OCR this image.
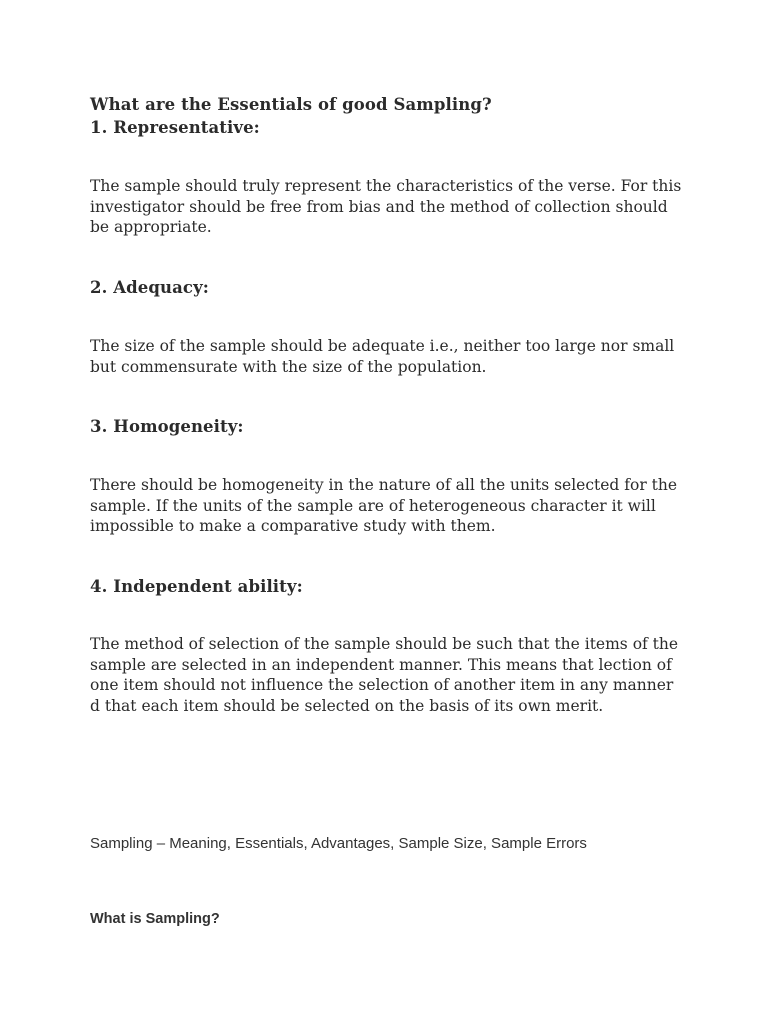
What are the Essentials of good Sampling?
1. Representative:
The sample should truly represent the characteristics of the verse. For this
investigator should be free from bias and the method of collection should
be appropriate.
2. Adequacy:
The size of the sample should be adequate i.e., neither too large nor small
but commensurate with the size of the population.
3. Homogeneity:
There should be homogeneity in the nature of all the units selected for the
sample. If the units of the sample are of heterogeneous character it will
impossible to make a comparative study with them.
4. Independent ability:
The method of selection of the sample should be such that the items of the
sample are selected in an independent manner. This means that lection of
one item should not influence the selection of another item in any manner
d that each item should be selected on the basis of its own merit.
Sampling – Meaning, Essentials, Advantages, Sample Size, Sample Errors
What is Sampling?
